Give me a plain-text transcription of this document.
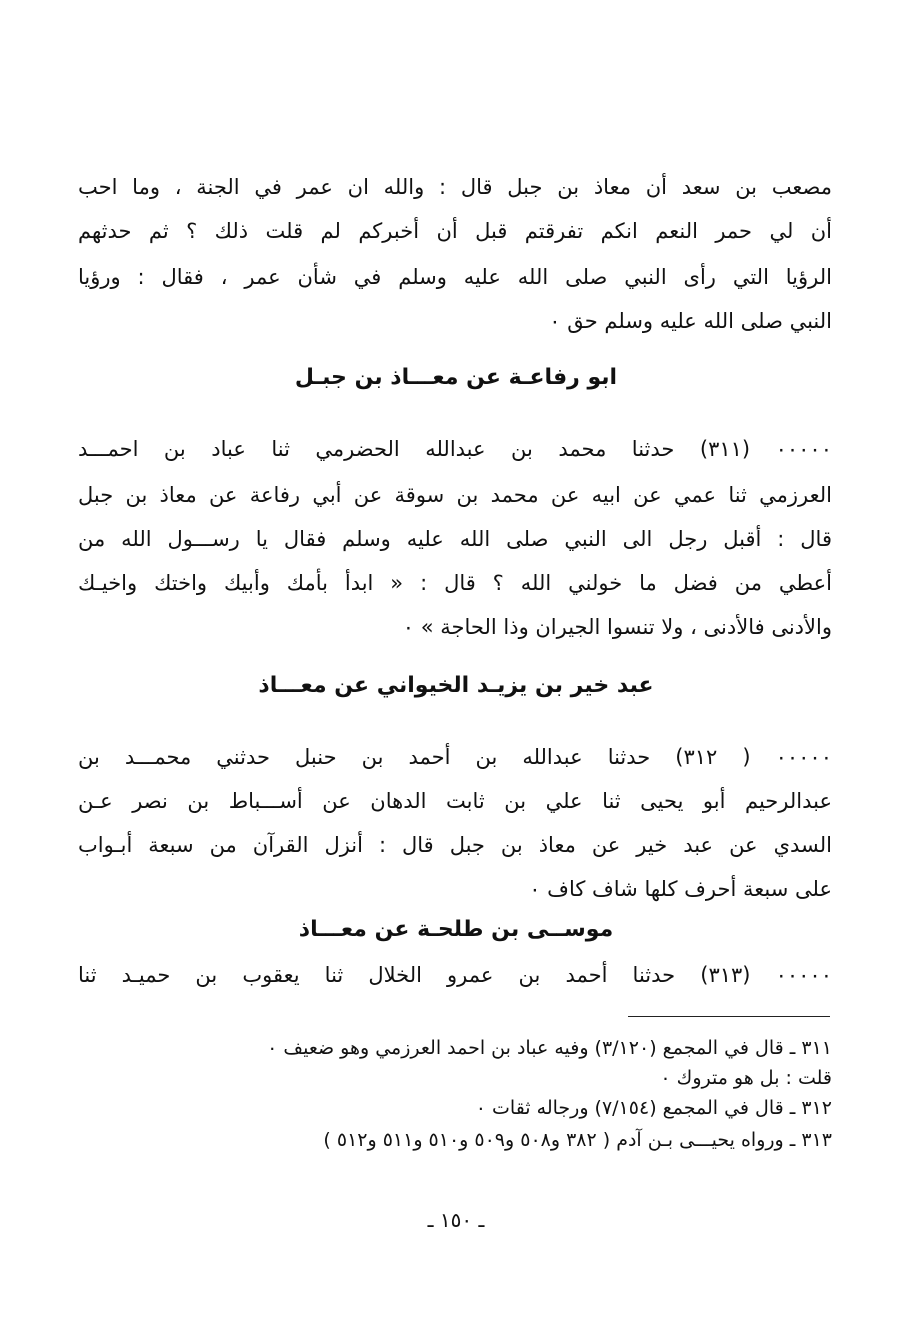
مصعب بن سعد أن معاذ بن جبل قال : والله ان عمر في الجنة ، وما احب
أن لي حمر النعم انكم تفرقتم قبل أن أخبركم لم قلت ذلك ؟ ثم حدثهم
الرؤيا التي رأى النبي صلى الله عليه وسلم في شأن عمر ، فقال : ورؤيا
النبي صلى الله عليه وسلم حق ٠
ابو رفاعـة عن معـــاذ بن جبـل
٠٠٠٠٠ (٣١١) حدثنا محمد بن عبدالله الحضرمي ثنا عباد بن احمـــد
العرزمي ثنا عمي عن ابيه عن محمد بن سوقة عن أبي رفاعة عن معاذ بن جبل
قال : أقبل رجل الى النبي صلى الله عليه وسلم فقال يا رســـول الله من
أعطي من فضل ما خولني الله ؟ قال : « ابدأ بأمك وأبيك واختك واخيـك
والأدنى فالأدنى ، ولا تنسوا الجيران وذا الحاجة » ٠
عبد خير بن يزيـد الخيواني عن معـــاذ
٠٠٠٠٠ ( ٣١٢) حدثنا عبدالله بن أحمد بن حنبل حدثني محمـــد بن
عبدالرحيم أبو يحيى ثنا علي بن ثابت الدهان عن أســـباط بن نصر عـن
السدي عن عبد خير عن معاذ بن جبل قال : أنزل القرآن من سبعة أبـواب
على سبعة أحرف كلها شاف كاف ٠
موســى بن طلحـة عن معـــاذ
٠٠٠٠٠ (٣١٣) حدثنا أحمد بن عمرو الخلال ثنا يعقوب بن حميـد ثنا
٣١١ ـ قال في المجمع (٣/١٢٠) وفيه عباد بن احمد العرزمي وهو ضعيف ٠
قلت : بل هو متروك ٠
٣١٢ ـ قال في المجمع (٧/١٥٤) ورجاله ثقات ٠
٣١٣ ـ ورواه يحيـــى بـن آدم ( ٣٨٢ و٥٠٨ و٥٠٩ و٥١٠ و٥١١ و٥١٢ )
ـ ١٥٠ ـ
